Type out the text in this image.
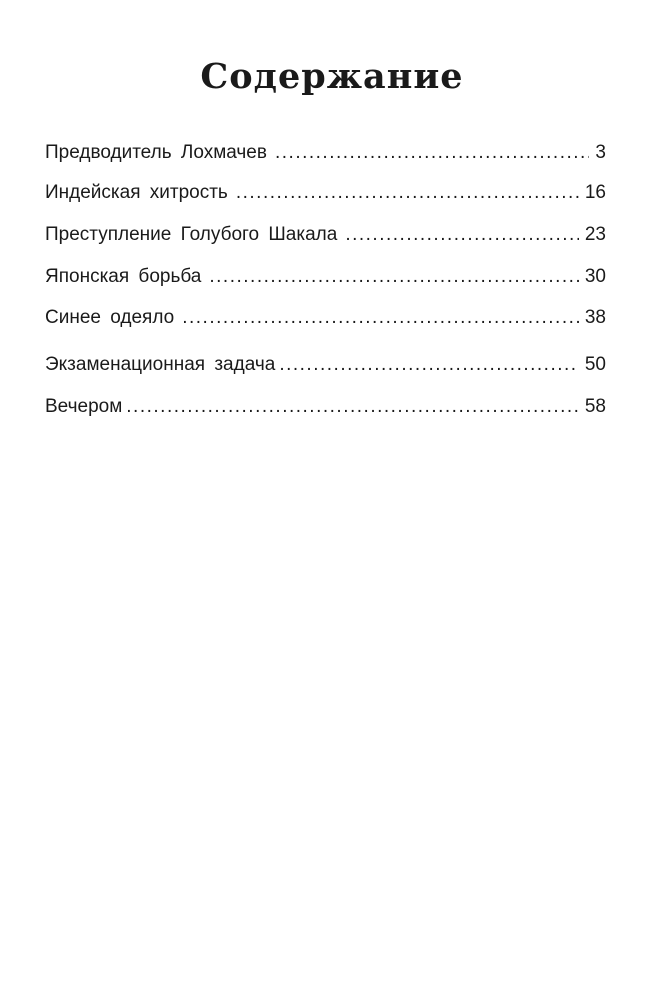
Содержание
Предводитель Лохмачев .....	3
Индейская хитрость .....	16
Преступление Голубого Шакала .....	23
Японская борьба .....	30
Синее одеяло .....	38
Экзаменационная задача .....	50
Вечером .....	58
